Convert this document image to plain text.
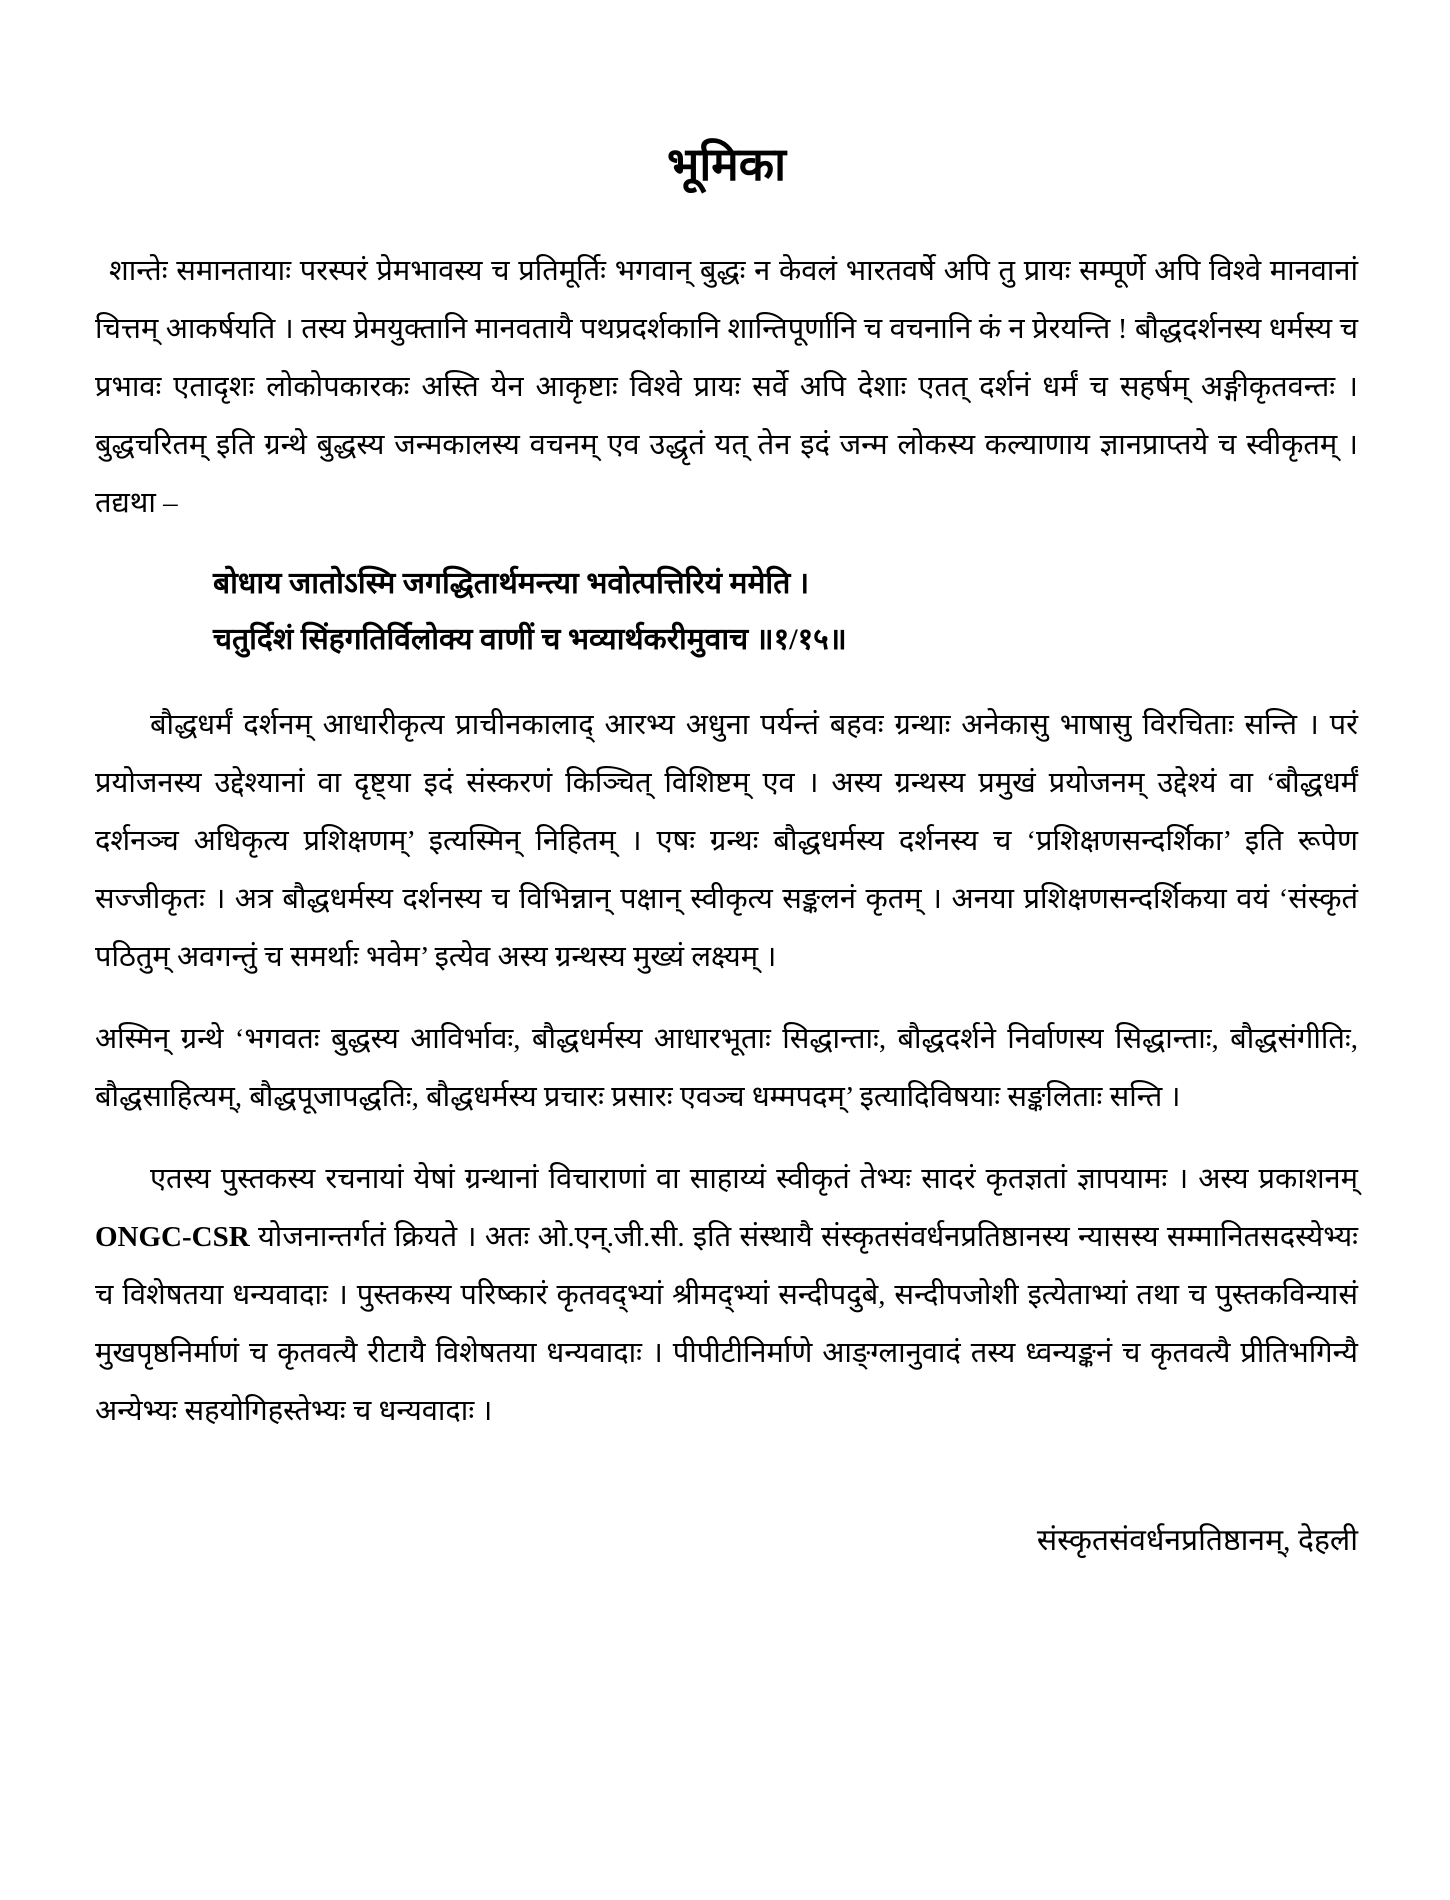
भूमिका

शान्तेः समानतायाः परस्परं प्रेमभावस्य च प्रतिमूर्तिः भगवान् बुद्धः न केवलं भारतवर्षे अपि तु प्रायः सम्पूर्णे अपि विश्वे मानवानां चित्तम् आकर्षयति । तस्य प्रेमयुक्तानि मानवतायै पथप्रदर्शकानि शान्तिपूर्णानि च वचनानि कं न प्रेरयन्ति ! बौद्धदर्शनस्य धर्मस्य च प्रभावः एतादृशः लोकोपकारकः अस्ति येन आकृष्टाः विश्वे प्रायः सर्वे अपि देशाः एतत् दर्शनं धर्मं च सहर्षम् अङ्गीकृतवन्तः । बुद्धचरितम् इति ग्रन्थे बुद्धस्य जन्मकालस्य वचनम् एव उद्धृतं यत् तेन इदं जन्म लोकस्य कल्याणाय ज्ञानप्राप्तये च स्वीकृतम् । तद्यथा –

बोधाय जातोऽस्मि जगद्धितार्थमन्त्या भवोत्पत्तिरियं ममेति ।
चतुर्दिशं सिंहगतिर्विलोक्य वाणीं च भव्यार्थकरीमुवाच ॥१/१५॥

बौद्धधर्मं दर्शनम् आधारीकृत्य प्राचीनकालाद् आरभ्य अधुना पर्यन्तं बहवः ग्रन्थाः अनेकासु भाषासु विरचिताः सन्ति । परं प्रयोजनस्य उद्देश्यानां वा दृष्ट्या इदं संस्करणं किञ्चित् विशिष्टम् एव । अस्य ग्रन्थस्य प्रमुखं प्रयोजनम् उद्देश्यं वा ‘बौद्धधर्मं दर्शनञ्च अधिकृत्य प्रशिक्षणम्’ इत्यस्मिन् निहितम् । एषः ग्रन्थः बौद्धधर्मस्य दर्शनस्य च ‘प्रशिक्षणसन्दर्शिका’ इति रूपेण सज्जीकृतः । अत्र बौद्धधर्मस्य दर्शनस्य च विभिन्नान् पक्षान् स्वीकृत्य सङ्कलनं कृतम् । अनया प्रशिक्षणसन्दर्शिकया वयं ‘संस्कृतं पठितुम् अवगन्तुं च समर्थाः भवेम’ इत्येव अस्य ग्रन्थस्य मुख्यं लक्ष्यम् ।

अस्मिन् ग्रन्थे ‘भगवतः बुद्धस्य आविर्भावः, बौद्धधर्मस्य आधारभूताः सिद्धान्ताः, बौद्धदर्शने निर्वाणस्य सिद्धान्ताः, बौद्धसंगीतिः, बौद्धसाहित्यम्, बौद्धपूजापद्धतिः, बौद्धधर्मस्य प्रचारः प्रसारः एवञ्च धम्मपदम्’ इत्यादिविषयाः सङ्कलिताः सन्ति ।

एतस्य पुस्तकस्य रचनायां येषां ग्रन्थानां विचाराणां वा साहाय्यं स्वीकृतं तेभ्यः सादरं कृतज्ञतां ज्ञापयामः । अस्य प्रकाशनम् ONGC-CSR योजनान्तर्गतं क्रियते । अतः ओ.एन्.जी.सी. इति संस्थायै संस्कृतसंवर्धनप्रतिष्ठानस्य न्यासस्य सम्मानितसदस्येभ्यः च विशेषतया धन्यवादाः । पुस्तकस्य परिष्कारं कृतवद्भ्यां श्रीमद्भ्यां सन्दीपदुबे, सन्दीपजोशी इत्येताभ्यां तथा च पुस्तकविन्यासं मुखपृष्ठनिर्माणं च कृतवत्यै रीटायै विशेषतया धन्यवादाः । पीपीटीनिर्माणे आङ्ग्लानुवादं तस्य ध्वन्यङ्कनं च कृतवत्यै प्रीतिभगिन्यै अन्येभ्यः सहयोगिहस्तेभ्यः च धन्यवादाः ।

संस्कृतसंवर्धनप्रतिष्ठानम्, देहली
